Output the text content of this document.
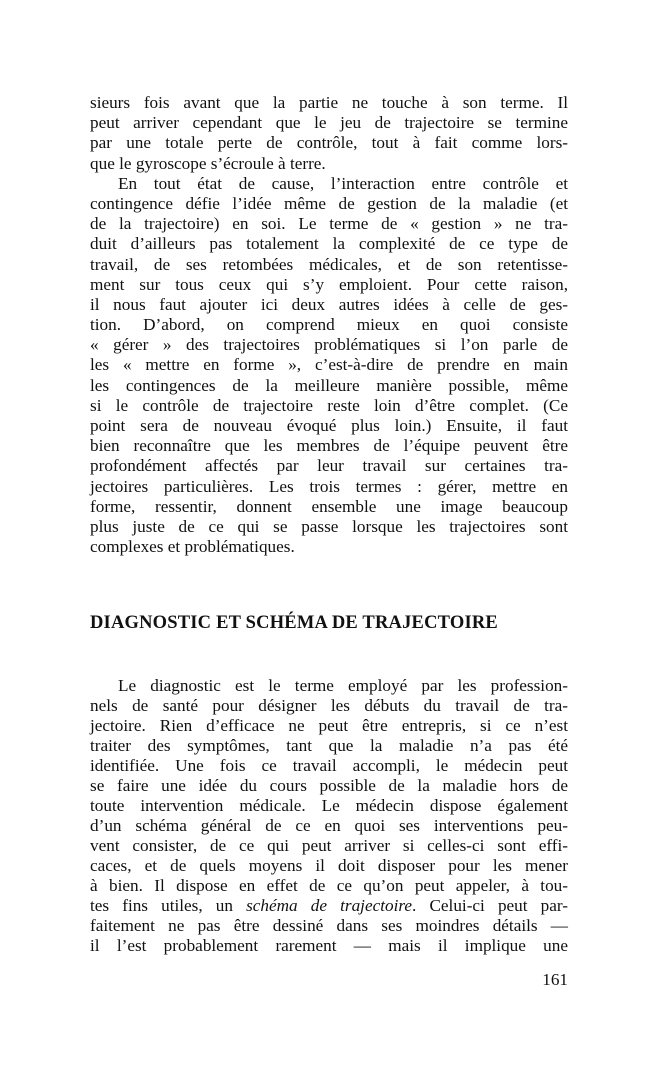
sieurs fois avant que la partie ne touche à son terme. Il
peut arriver cependant que le jeu de trajectoire se termine
par une totale perte de contrôle, tout à fait comme lors-
que le gyroscope s’écroule à terre.
En tout état de cause, l’interaction entre contrôle et
contingence défie l’idée même de gestion de la maladie (et
de la trajectoire) en soi. Le terme de « gestion » ne tra-
duit d’ailleurs pas totalement la complexité de ce type de
travail, de ses retombées médicales, et de son retentisse-
ment sur tous ceux qui s’y emploient. Pour cette raison,
il nous faut ajouter ici deux autres idées à celle de ges-
tion. D’abord, on comprend mieux en quoi consiste
« gérer » des trajectoires problématiques si l’on parle de
les « mettre en forme », c’est-à-dire de prendre en main
les contingences de la meilleure manière possible, même
si le contrôle de trajectoire reste loin d’être complet. (Ce
point sera de nouveau évoqué plus loin.) Ensuite, il faut
bien reconnaître que les membres de l’équipe peuvent être
profondément affectés par leur travail sur certaines tra-
jectoires particulières. Les trois termes : gérer, mettre en
forme, ressentir, donnent ensemble une image beaucoup
plus juste de ce qui se passe lorsque les trajectoires sont
complexes et problématiques.
DIAGNOSTIC ET SCHÉMA DE TRAJECTOIRE
Le diagnostic est le terme employé par les profession-
nels de santé pour désigner les débuts du travail de tra-
jectoire. Rien d’efficace ne peut être entrepris, si ce n’est
traiter des symptômes, tant que la maladie n’a pas été
identifiée. Une fois ce travail accompli, le médecin peut
se faire une idée du cours possible de la maladie hors de
toute intervention médicale. Le médecin dispose également
d’un schéma général de ce en quoi ses interventions peu-
vent consister, de ce qui peut arriver si celles-ci sont effi-
caces, et de quels moyens il doit disposer pour les mener
à bien. Il dispose en effet de ce qu’on peut appeler, à tou-
tes fins utiles, un schéma de trajectoire. Celui-ci peut par-
faitement ne pas être dessiné dans ses moindres détails —
il l’est probablement rarement — mais il implique une
161
